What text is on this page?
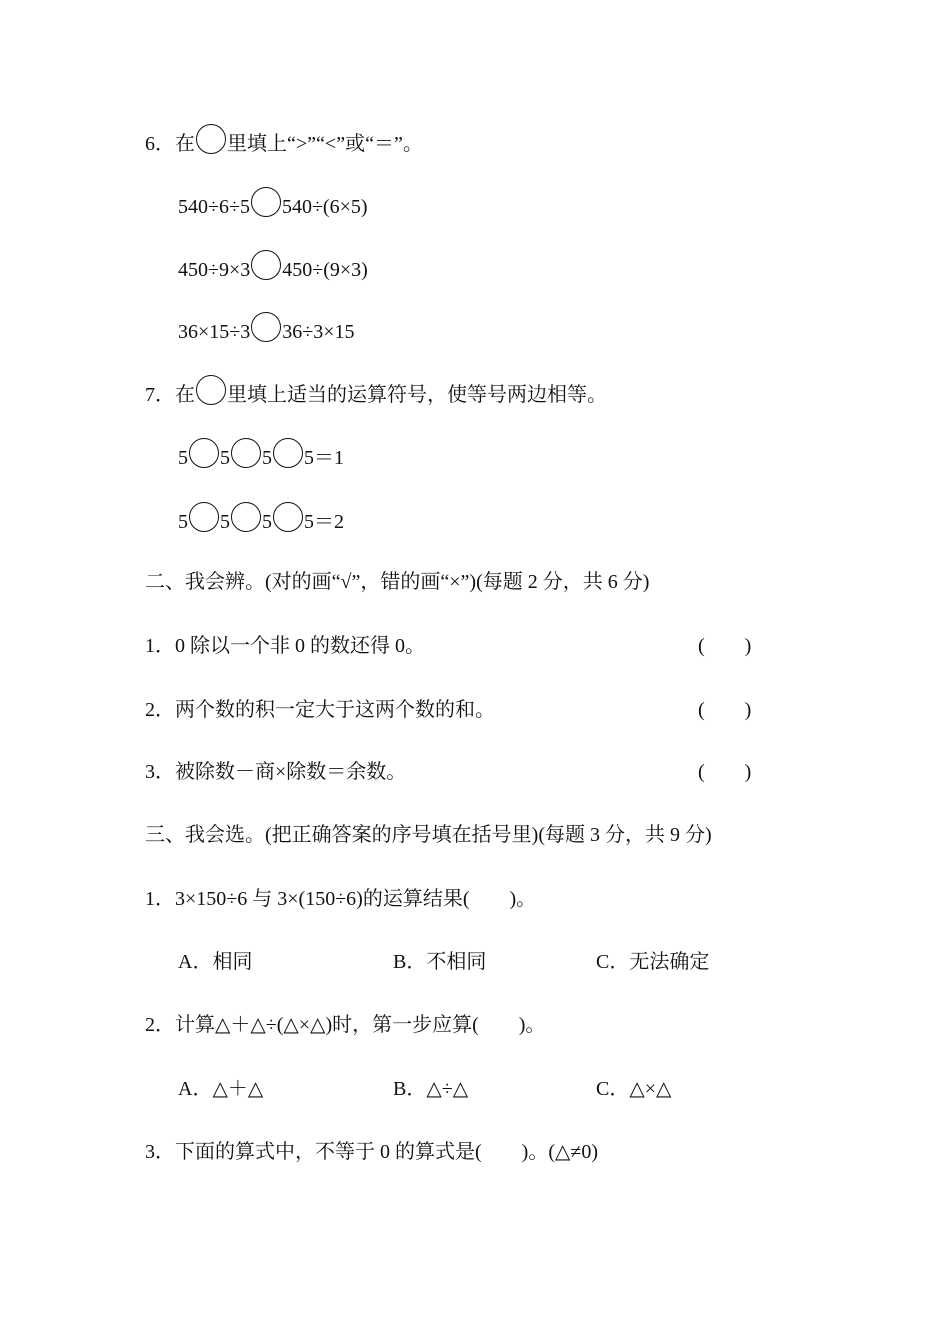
6．在 里填上“>”“<”或“＝”。
540÷6÷5 540÷(6×5)
450÷9×3 450÷(9×3)
36×15÷3 36÷3×15
7．在 里填上适当的运算符号，使等号两边相等。
5 5 5 5＝1
5 5 5 5＝2
二、我会辨。(对的画“√”，错的画“×”)(每题 2 分，共 6 分)
1．0 除以一个非 0 的数还得 0。	(　　)
2．两个数的积一定大于这两个数的和。	(　　)
3．被除数－商×除数＝余数。	(　　)
三、我会选。(把正确答案的序号填在括号里)(每题 3 分，共 9 分)
1．3×150÷6 与 3×(150÷6)的运算结果(　　)。
A．相同	B．不相同	C．无法确定
2．计算△＋△÷(△×△)时，第一步应算(　　)。
A．△＋△	B．△÷△	C．△×△
3．下面的算式中，不等于 0 的算式是(　　)。(△≠0)
